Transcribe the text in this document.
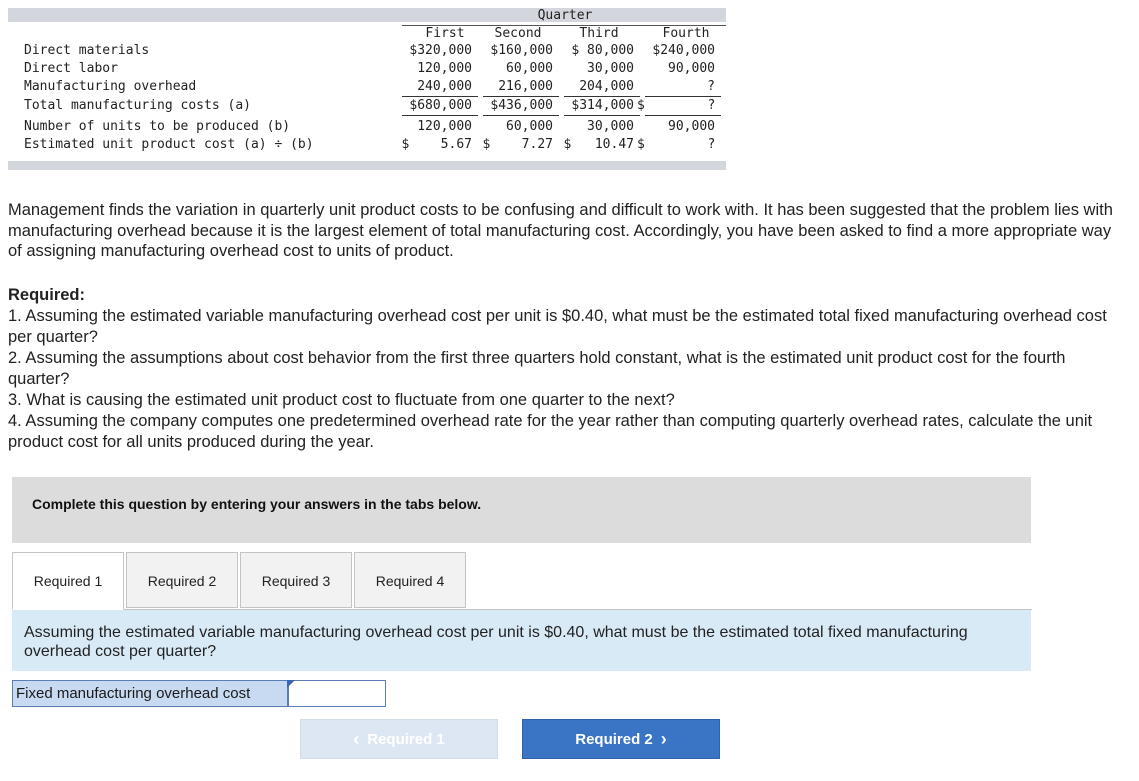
Quarter
First	Second	Third	Fourth
Direct materials	$320,000	$160,000	$ 80,000	$240,000
Direct labor	120,000	60,000	30,000	90,000
Manufacturing overhead	240,000	216,000	204,000	?
Total manufacturing costs (a)	$680,000	$436,000	$314,000 $        ?
Number of units to be produced (b)	120,000	60,000	30,000	90,000
Estimated unit product cost (a) ÷ (b)	$    5.67 $    7.27 $   10.47 $        ?
Management finds the variation in quarterly unit product costs to be confusing and difficult to work with. It has been suggested that the problem lies with manufacturing overhead because it is the largest element of total manufacturing cost. Accordingly, you have been asked to find a more appropriate way of assigning manufacturing overhead cost to units of product.
Required:
1. Assuming the estimated variable manufacturing overhead cost per unit is $0.40, what must be the estimated total fixed manufacturing overhead cost per quarter?
2. Assuming the assumptions about cost behavior from the first three quarters hold constant, what is the estimated unit product cost for the fourth quarter?
3. What is causing the estimated unit product cost to fluctuate from one quarter to the next?
4. Assuming the company computes one predetermined overhead rate for the year rather than computing quarterly overhead rates, calculate the unit product cost for all units produced during the year.
Complete this question by entering your answers in the tabs below.
Required 1	Required 2	Required 3	Required 4
Assuming the estimated variable manufacturing overhead cost per unit is $0.40, what must be the estimated total fixed manufacturing overhead cost per quarter?
Fixed manufacturing overhead cost
‹ Required 1	Required 2 ›
